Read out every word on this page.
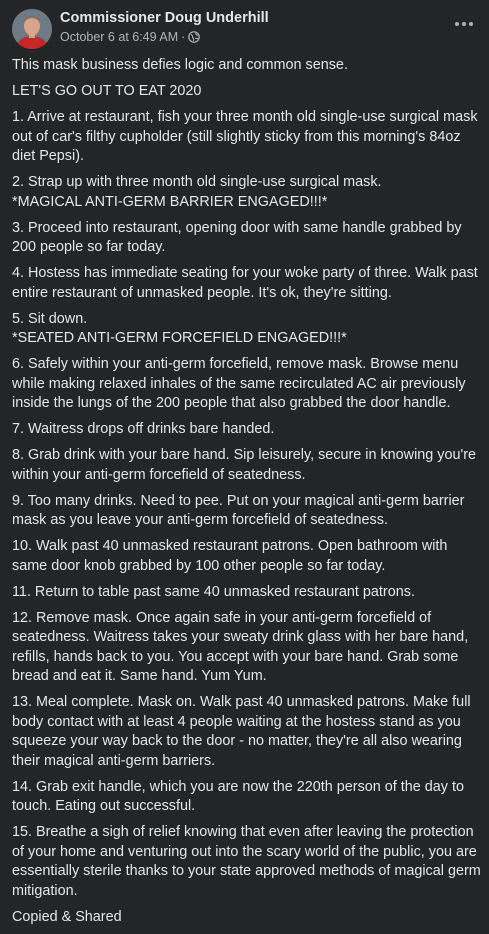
Commissioner Doug Underhill
October 6 at 6:49 AM ·

This mask business defies logic and common sense.

LET'S GO OUT TO EAT 2020

1. Arrive at restaurant, fish your three month old single-use surgical mask out of car's filthy cupholder (still slightly sticky from this morning's 84oz diet Pepsi).

2. Strap up with three month old single-use surgical mask.
*MAGICAL ANTI-GERM BARRIER ENGAGED!!!*

3. Proceed into restaurant, opening door with same handle grabbed by 200 people so far today.

4. Hostess has immediate seating for your woke party of three. Walk past entire restaurant of unmasked people. It's ok, they're sitting.

5. Sit down.
*SEATED ANTI-GERM FORCEFIELD ENGAGED!!!*

6. Safely within your anti-germ forcefield, remove mask. Browse menu while making relaxed inhales of the same recirculated AC air previously inside the lungs of the 200 people that also grabbed the door handle.

7. Waitress drops off drinks bare handed.

8. Grab drink with your bare hand. Sip leisurely, secure in knowing you're within your anti-germ forcefield of seatedness.

9. Too many drinks. Need to pee. Put on your magical anti-germ barrier mask as you leave your anti-germ forcefield of seatedness.

10. Walk past 40 unmasked restaurant patrons. Open bathroom with same door knob grabbed by 100 other people so far today.

11. Return to table past same 40 unmasked restaurant patrons.

12. Remove mask. Once again safe in your anti-germ forcefield of seatedness. Waitress takes your sweaty drink glass with her bare hand, refills, hands back to you. You accept with your bare hand. Grab some bread and eat it. Same hand. Yum Yum.

13. Meal complete. Mask on. Walk past 40 unmasked patrons. Make full body contact with at least 4 people waiting at the hostess stand as you squeeze your way back to the door - no matter, they're all also wearing their magical anti-germ barriers.

14. Grab exit handle, which you are now the 220th person of the day to touch. Eating out successful.

15. Breathe a sigh of relief knowing that even after leaving the protection of your home and venturing out into the scary world of the public, you are essentially sterile thanks to your state approved methods of magical germ mitigation.

Copied & Shared
